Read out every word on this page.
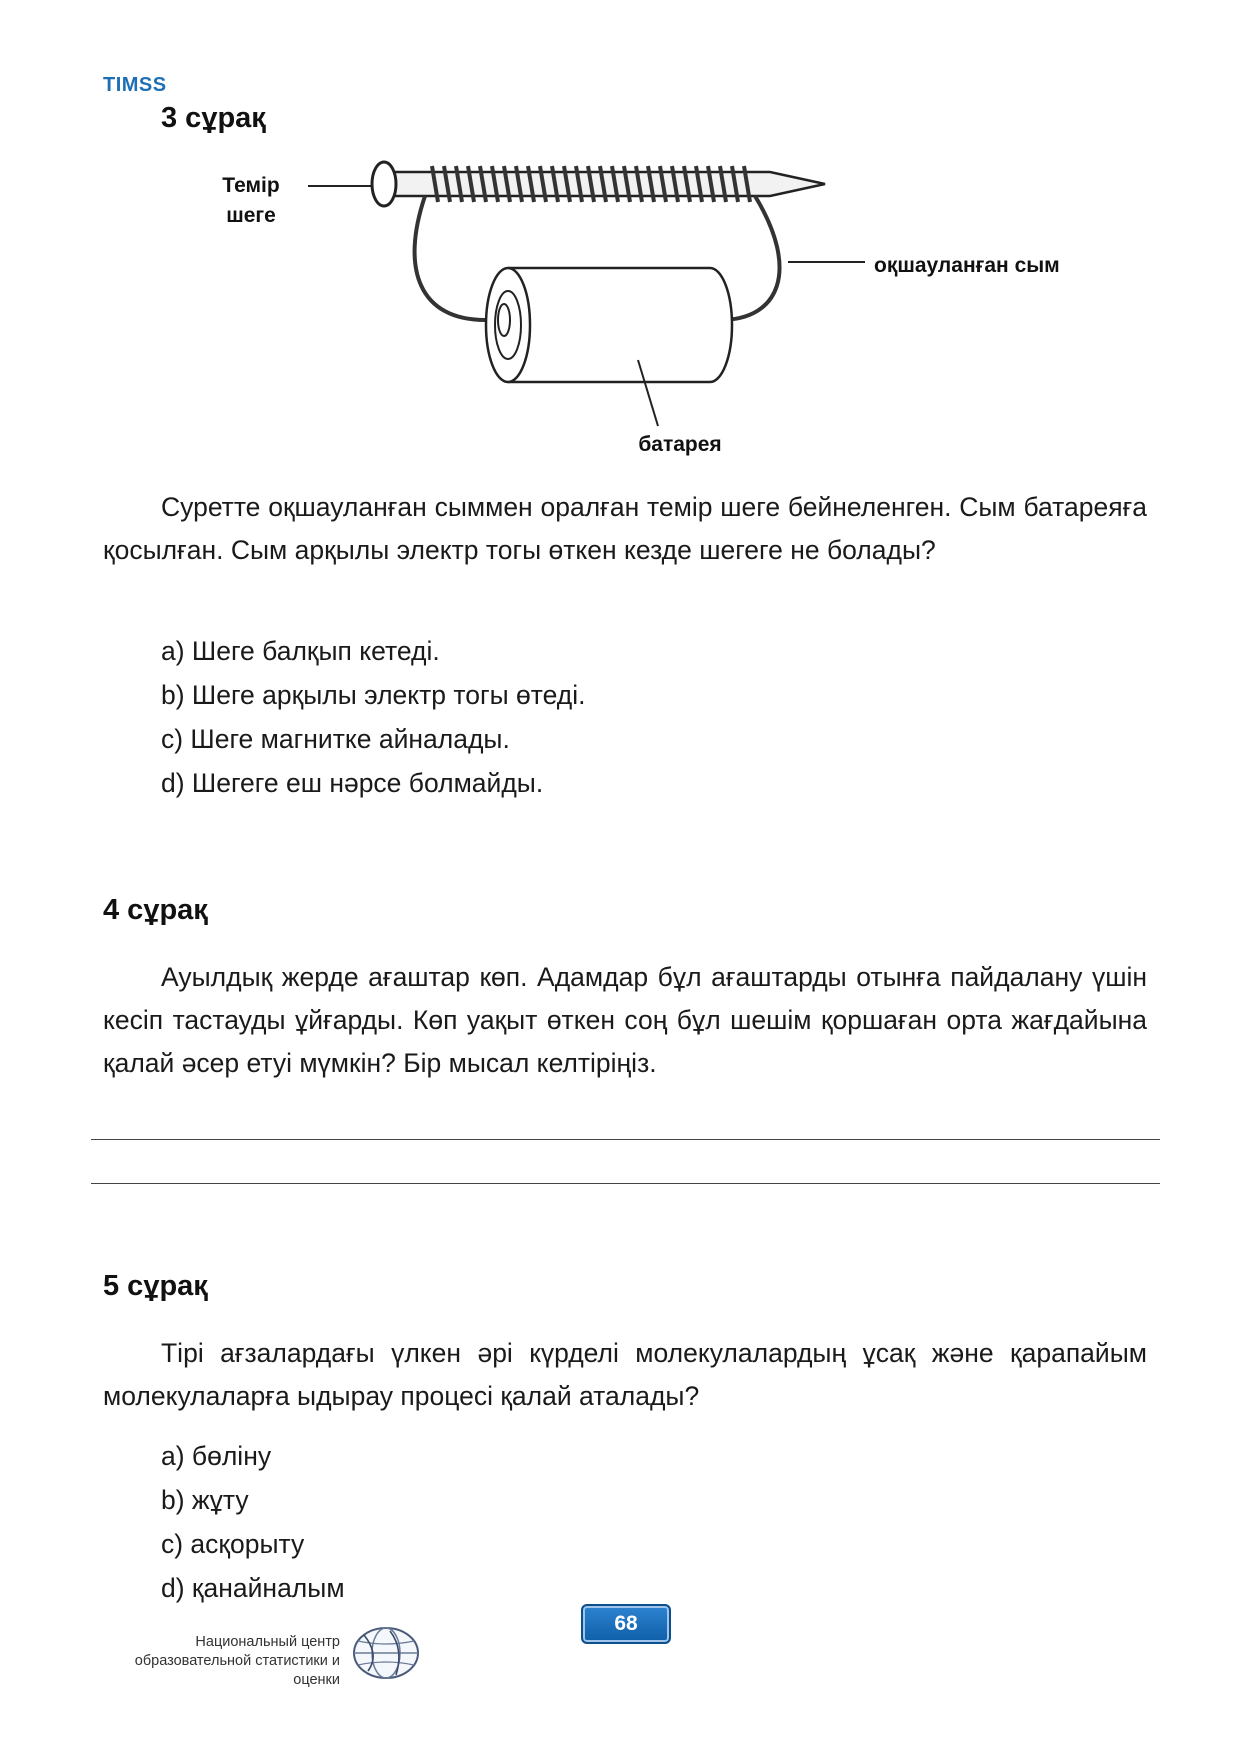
TIMSS
3 сұрақ
Темір
шеге
оқшауланған сым
батарея
Суретте оқшауланған сыммен оралған темір шеге бейнеленген. Сым батареяға қосылған. Сым арқылы электр тогы өткен кезде шегеге не болады?
a) Шеге балқып кетеді.
b) Шеге арқылы электр тогы өтеді.
c) Шеге магнитке айналады.
d) Шегеге еш нәрсе болмайды.
4 сұрақ
Ауылдық жерде ағаштар көп. Адамдар бұл ағаштарды отынға пайдалану үшін кесіп тастауды ұйғарды. Көп уақыт өткен соң бұл шешім қоршаған орта жағдайына қалай әсер етуі мүмкін? Бір мысал келтіріңіз.
5 сұрақ
Тірі ағзалардағы үлкен әрі күрделі молекулалардың ұсақ және қарапайым молекулаларға ыдырау процесі қалай аталады?
a) бөліну
b) жұту
c) асқорыту
d) қанайналым
68
Национальный центр
образовательной статистики и оценки
